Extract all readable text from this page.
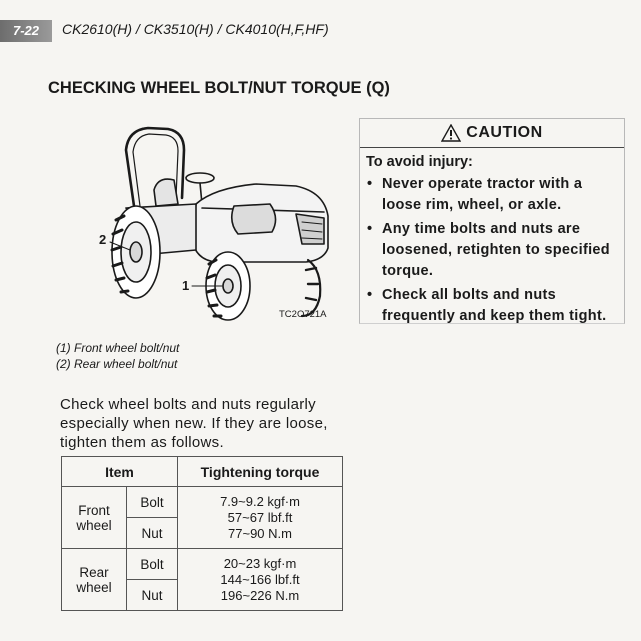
7-22	CK2610(H) / CK3510(H) / CK4010(H,F,HF)
CHECKING WHEEL BOLT/NUT TORQUE (Q)
2
1
TC2O721A
(1) Front wheel bolt/nut
(2) Rear wheel bolt/nut

Check wheel bolts and nuts regularly especially when new. If they are loose, tighten them as follows.

CAUTION
To avoid injury:
• Never operate tractor with a loose rim, wheel, or axle.
• Any time bolts and nuts are loosened, retighten to specified torque.
• Check all bolts and nuts frequently and keep them tight.
Item		Tightening torque
Front wheel	Bolt	7.9~9.2 kgf·m
57~67 lbf.ft
77~90 N.m

	Nut	
Rear wheel	Bolt	20~23 kgf·m
144~166 lbf.ft
196~226 N.m

	Nut	
